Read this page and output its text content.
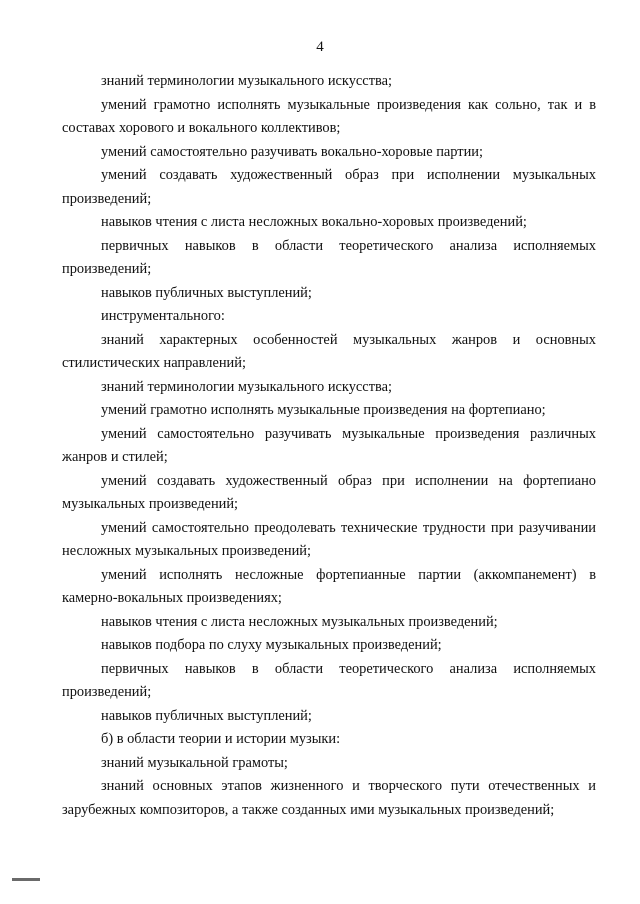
4

знаний терминологии музыкального искусства;

умений грамотно исполнять музыкальные произведения как сольно, так и в составах хорового и вокального коллективов;

умений самостоятельно разучивать вокально-хоровые партии;

умений создавать художественный образ при исполнении музыкальных произведений;

навыков чтения с листа несложных вокально-хоровых произведений;

первичных навыков в области теоретического анализа исполняемых произведений;

навыков публичных выступлений;

инструментального:

знаний характерных особенностей музыкальных жанров и основных стилистических направлений;

знаний терминологии музыкального искусства;

умений грамотно исполнять музыкальные произведения на фортепиано;

умений самостоятельно разучивать музыкальные произведения различных жанров и стилей;

умений создавать художественный образ при исполнении на фортепиано музыкальных произведений;

умений самостоятельно преодолевать технические трудности при разучивании несложных музыкальных произведений;

умений исполнять несложные фортепианные партии (аккомпанемент) в камерно-вокальных произведениях;

навыков чтения с листа несложных музыкальных произведений;

навыков подбора по слуху музыкальных произведений;

первичных навыков в области теоретического анализа исполняемых произведений;

навыков публичных выступлений;

б) в области теории и истории музыки:

знаний музыкальной грамоты;

знаний основных этапов жизненного и творческого пути отечественных и зарубежных композиторов, а также созданных ими музыкальных произведений;
